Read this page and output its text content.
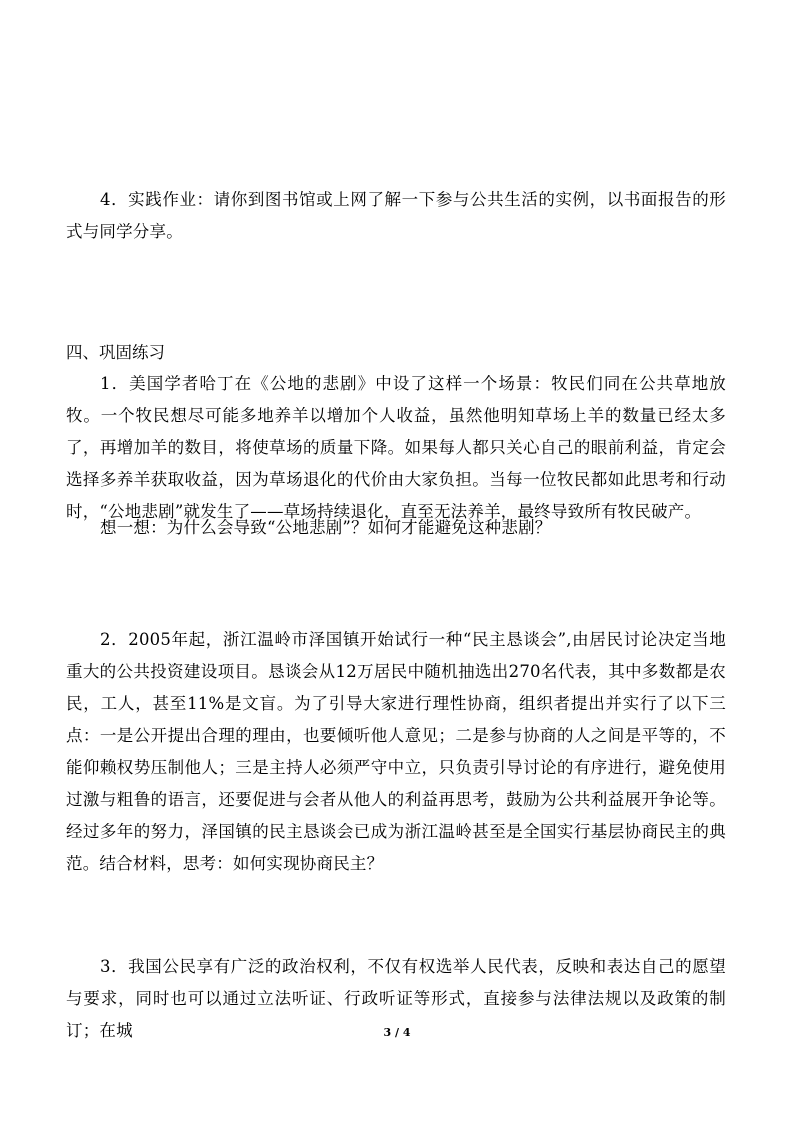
4．实践作业：请你到图书馆或上网了解一下参与公共生活的实例，以书面报告的形式与同学分享。

四、巩固练习

1．美国学者哈丁在《公地的悲剧》中设了这样一个场景：牧民们同在公共草地放牧。一个牧民想尽可能多地养羊以增加个人收益，虽然他明知草场上羊的数量已经太多了，再增加羊的数目，将使草场的质量下降。如果每人都只关心自己的眼前利益，肯定会选择多养羊获取收益，因为草场退化的代价由大家负担。当每一位牧民都如此思考和行动时，“公地悲剧”就发生了——草场持续退化，直至无法养羊，最终导致所有牧民破产。

想一想：为什么会导致“公地悲剧”？如何才能避免这种悲剧？

2．2005年起，浙江温岭市泽国镇开始试行一种“民主恳谈会”,由居民讨论决定当地重大的公共投资建设项目。恳谈会从12万居民中随机抽选出270名代表，其中多数都是农民，工人，甚至11%是文盲。为了引导大家进行理性协商，组织者提出并实行了以下三点：一是公开提出合理的理由，也要倾听他人意见；二是参与协商的人之间是平等的，不能仰赖权势压制他人；三是主持人必须严守中立，只负责引导讨论的有序进行，避免使用过激与粗鲁的语言，还要促进与会者从他人的利益再思考，鼓励为公共利益展开争论等。经过多年的努力，泽国镇的民主恳谈会已成为浙江温岭甚至是全国实行基层协商民主的典范。结合材料，思考：如何实现协商民主？

3．我国公民享有广泛的政治权利，不仅有权选举人民代表，反映和表达自己的愿望与要求，同时也可以通过立法听证、行政听证等形式，直接参与法律法规以及政策的制订；在城	3 / 4
